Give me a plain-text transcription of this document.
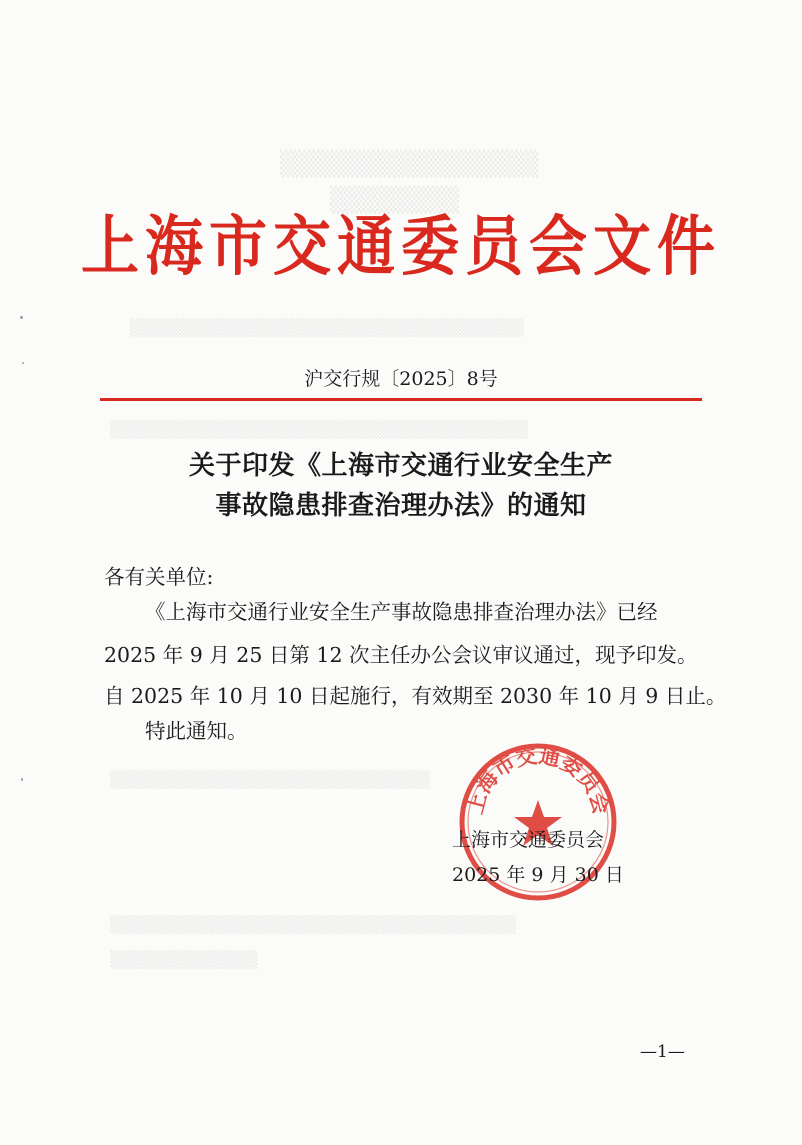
▒▒▒▒▒▒▒▒▒▒▒▒▒▒
▒▒▒▒▒▒▒
▒▒▒▒▒▒▒▒▒▒▒▒▒▒▒▒▒▒▒▒▒▒▒▒▒▒▒▒▒▒▒▒
▒▒▒▒▒▒▒▒▒▒▒▒▒▒▒▒▒▒▒▒▒▒▒▒▒▒▒▒▒▒▒▒▒▒
▒▒▒▒▒▒▒▒▒▒▒▒▒▒▒▒▒▒▒▒▒▒▒▒▒▒
▒▒▒▒▒▒▒▒▒▒▒▒▒▒▒▒▒▒▒▒▒▒▒▒▒▒▒▒▒▒▒▒▒
▒▒▒▒▒▒▒▒▒▒▒▒
上海市交通委员会文件
沪交行规〔2025〕8号
关于印发《上海市交通行业安全生产
事故隐患排查治理办法》的通知
各有关单位:
《上海市交通行业安全生产事故隐患排查治理办法》已经
2025 年 9 月 25 日第 12 次主任办公会议审议通过，现予印发。
自 2025 年 10 月 10 日起施行，有效期至 2030 年 10 月 9 日止。
特此通知。
上海市交通委员会
上海市交通委员会
2025 年 9 月 30 日
—1—
